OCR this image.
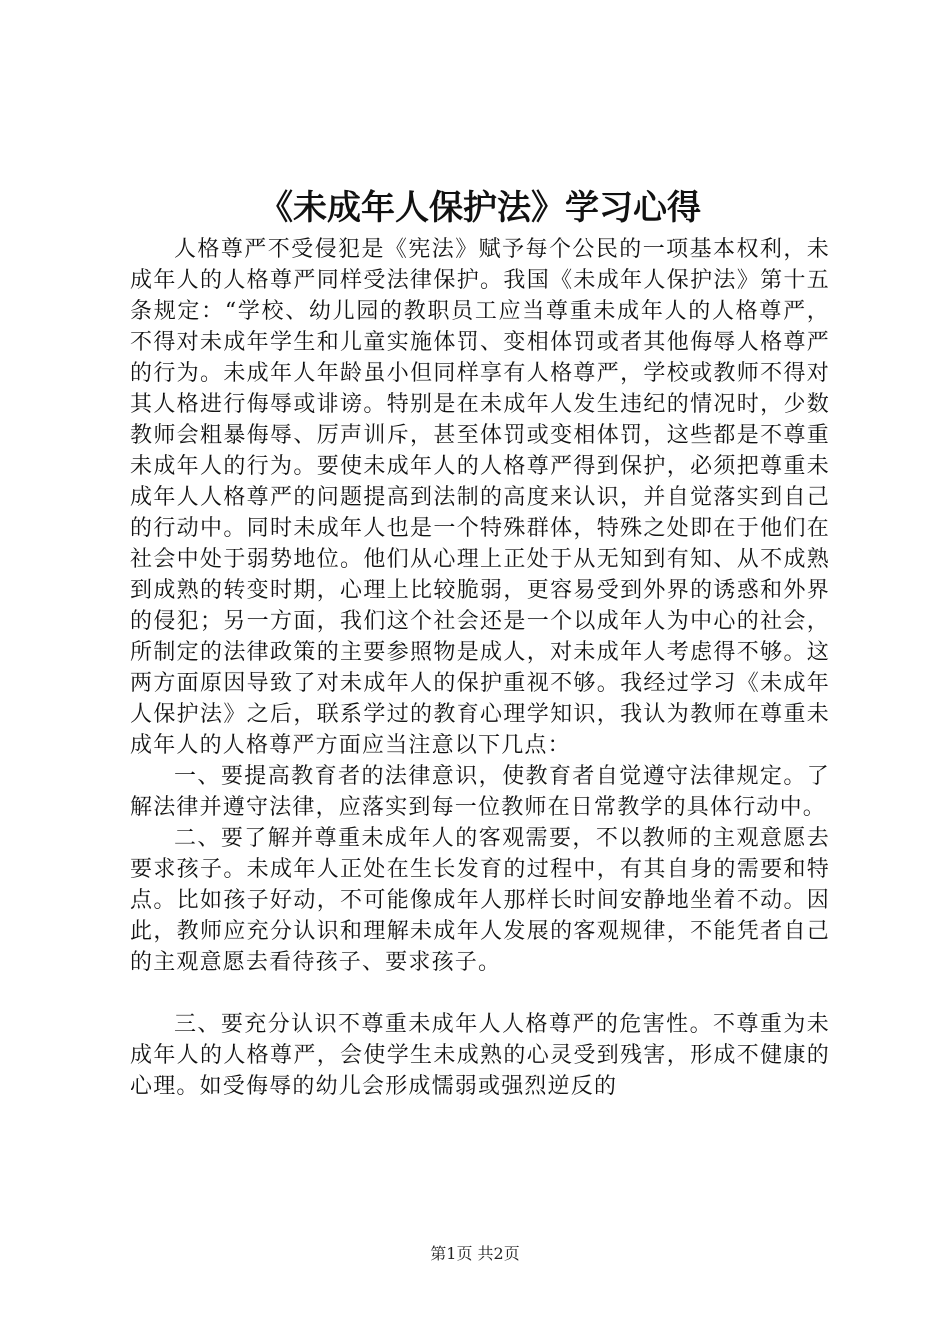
《未成年人保护法》学习心得

人格尊严不受侵犯是《宪法》赋予每个公民的一项基本权利，未成年人的人格尊严同样受法律保护。我国《未成年人保护法》第十五条规定：“学校、幼儿园的教职员工应当尊重未成年人的人格尊严，不得对未成年学生和儿童实施体罚、变相体罚或者其他侮辱人格尊严的行为。未成年人年龄虽小但同样享有人格尊严，学校或教师不得对其人格进行侮辱或诽谤。特别是在未成年人发生违纪的情况时，少数教师会粗暴侮辱、厉声训斥，甚至体罚或变相体罚，这些都是不尊重未成年人的行为。要使未成年人的人格尊严得到保护，必须把尊重未成年人人格尊严的问题提高到法制的高度来认识，并自觉落实到自己的行动中。同时未成年人也是一个特殊群体，特殊之处即在于他们在社会中处于弱势地位。他们从心理上正处于从无知到有知、从不成熟到成熟的转变时期，心理上比较脆弱，更容易受到外界的诱惑和外界的侵犯；另一方面，我们这个社会还是一个以成年人为中心的社会，所制定的法律政策的主要参照物是成人，对未成年人考虑得不够。这两方面原因导致了对未成年人的保护重视不够。我经过学习《未成年人保护法》之后，联系学过的教育心理学知识，我认为教师在尊重未成年人的人格尊严方面应当注意以下几点：

一、要提高教育者的法律意识，使教育者自觉遵守法律规定。了解法律并遵守法律，应落实到每一位教师在日常教学的具体行动中。

二、要了解并尊重未成年人的客观需要，不以教师的主观意愿去要求孩子。未成年人正处在生长发育的过程中，有其自身的需要和特点。比如孩子好动，不可能像成年人那样长时间安静地坐着不动。因此，教师应充分认识和理解未成年人发展的客观规律，不能凭者自己的主观意愿去看待孩子、要求孩子。

三、要充分认识不尊重未成年人人格尊严的危害性。不尊重为未成年人的人格尊严，会使学生未成熟的心灵受到残害，形成不健康的心理。如受侮辱的幼儿会形成懦弱或强烈逆反的

第1页 共2页
